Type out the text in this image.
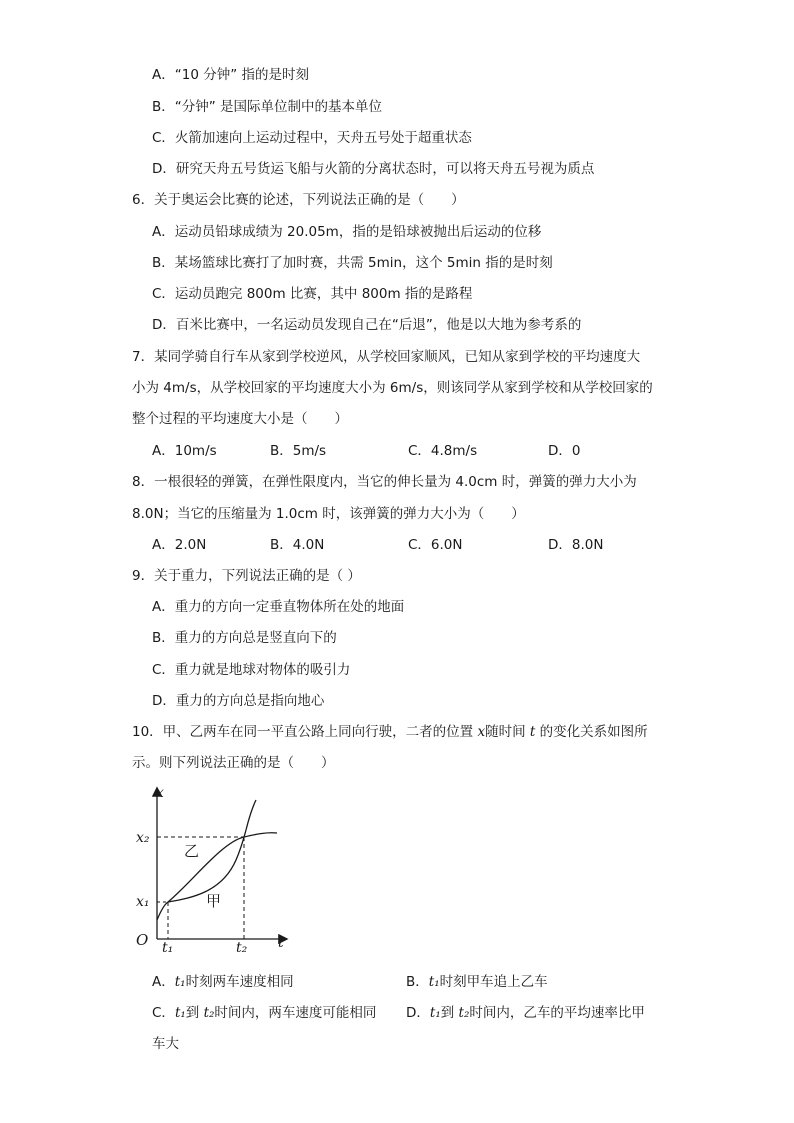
A．“10 分钟” 指的是时刻
B．“分钟” 是国际单位制中的基本单位
C．火箭加速向上运动过程中，天舟五号处于超重状态
D．研究天舟五号货运飞船与火箭的分离状态时，可以将天舟五号视为质点
6．关于奥运会比赛的论述，下列说法正确的是（　　）
A．运动员铅球成绩为 20.05m，指的是铅球被抛出后运动的位移
B．某场篮球比赛打了加时赛，共需 5min，这个 5min 指的是时刻
C．运动员跑完 800m 比赛，其中 800m 指的是路程
D．百米比赛中，一名运动员发现自己在“后退”，他是以大地为参考系的
7．某同学骑自行车从家到学校逆风，从学校回家顺风，已知从家到学校的平均速度大
小为 4m/s，从学校回家的平均速度大小为 6m/s，则该同学从家到学校和从学校回家的
整个过程的平均速度大小是（　　）
A．10m/s	B．5m/s	C．4.8m/s	D．0
8．一根很轻的弹簧，在弹性限度内，当它的伸长量为 4.0cm 时，弹簧的弹力大小为
8.0N；当它的压缩量为 1.0cm 时，该弹簧的弹力大小为（　　）
A．2.0N	B．4.0N	C．6.0N	D．8.0N
9．关于重力，下列说法正确的是（ ）
A．重力的方向一定垂直物体所在处的地面
B．重力的方向总是竖直向下的
C．重力就是地球对物体的吸引力
D．重力的方向总是指向地心
10．甲、乙两车在同一平直公路上同向行驶，二者的位置 x随时间 t 的变化关系如图所
示。则下列说法正确的是（　　）
O	t
x
x₂
x₁
t₁	t₂
乙
甲
A．t₁时刻两车速度相同	B．t₁时刻甲车追上乙车
C．t₁到 t₂时间内，两车速度可能相同 D．t₁到 t₂时间内，乙车的平均速率比甲
车大
